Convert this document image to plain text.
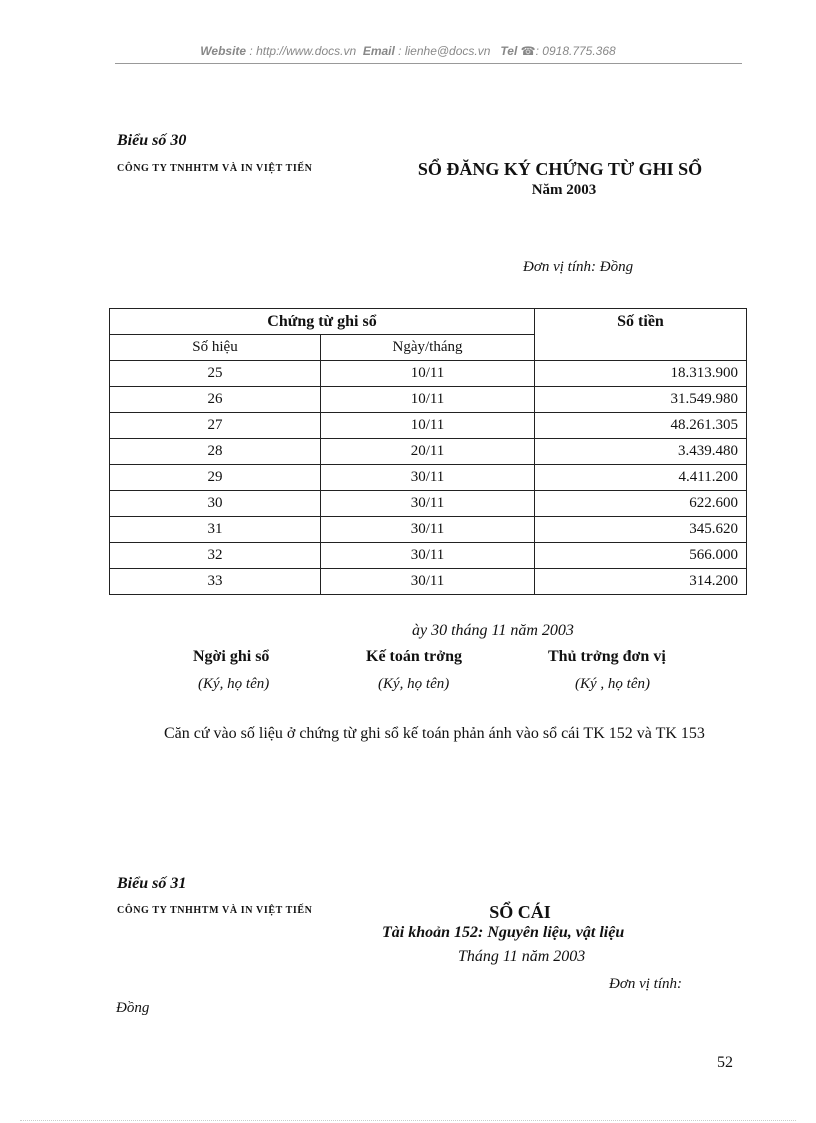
Website : http://www.docs.vn Email : lienhe@docs.vn Tel ☎: 0918.775.368
Biểu số 30
CÔNG TY TNHHTM VÀ IN VIỆT TIẾN	SỔ ĐĂNG KÝ CHỨNG TỪ GHI SỔ
Năm 2003
Đơn vị tính: Đồng
Chứng từ ghi sổ		Số tiền
Số hiệu	Ngày/tháng	
25	10/11	18.313.900
26	10/11	31.549.980
27	10/11	48.261.305
28	20/11	3.439.480
29	30/11	4.411.200
30	30/11	622.600
31	30/11	345.620
32	30/11	566.000
33	30/11	314.200
ày 30 tháng 11 năm 2003
Ngời ghi sổ	Kế toán trởng	Thủ trởng đơn vị
(Ký, họ tên)	(Ký, họ tên)	(Ký , họ tên)
Căn cứ vào số liệu ở chứng từ ghi sổ kế toán phản ánh vào sổ cái TK 152 và TK 153
Biểu số 31
CÔNG TY TNHHTM VÀ IN VIỆT TIẾN	SỔ CÁI
Tài khoản 152: Nguyên liệu, vật liệu
Tháng 11 năm 2003
Đơn vị tính:
Đồng
52
